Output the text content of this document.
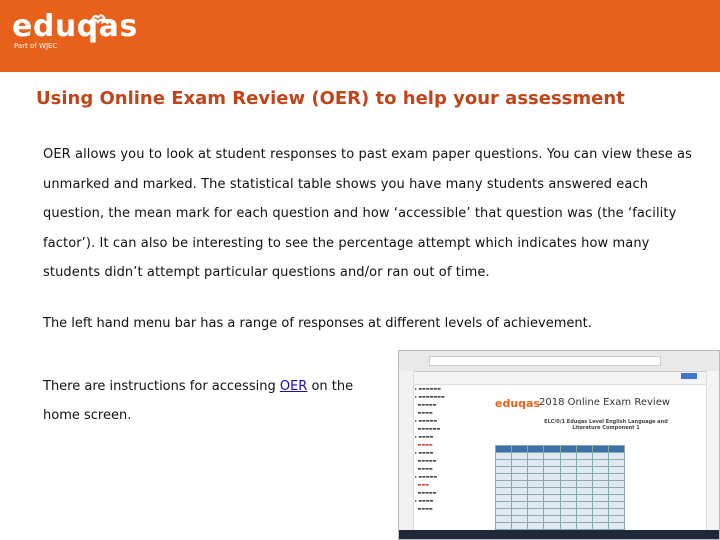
eduqas
Part of WJEC
Using Online Exam Review (OER) to help your assessment
OER allows you to look at student responses to past exam paper questions. You can view these as
unmarked and marked. The statistical table shows you have many students answered each
question, the mean mark for each question and how ‘accessible’ that question was (the ‘facility
factor’). It can also be interesting to see the percentage attempt which indicates how many
students didn’t attempt particular questions and/or ran out of time.
The left hand menu bar has a range of responses at different levels of achievement.
There are instructions for accessing OER on the
home screen.
▸ ▬▬▬▬▬▬
▸ ▬▬▬▬▬▬▬
▬▬▬▬▬
▬▬▬▬
▸ ▬▬▬▬▬
▬▬▬▬▬▬
▸ ▬▬▬▬
▬▬▬▬
▸ ▬▬▬▬
▬▬▬▬▬
▬▬▬▬
▸ ▬▬▬▬▬
▬▬▬
▬▬▬▬▬
▸ ▬▬▬▬
▬▬▬▬
eduqas
2018 Online Exam Review
ELC/0/1 Eduqas Level English Language and Literature Component 1
